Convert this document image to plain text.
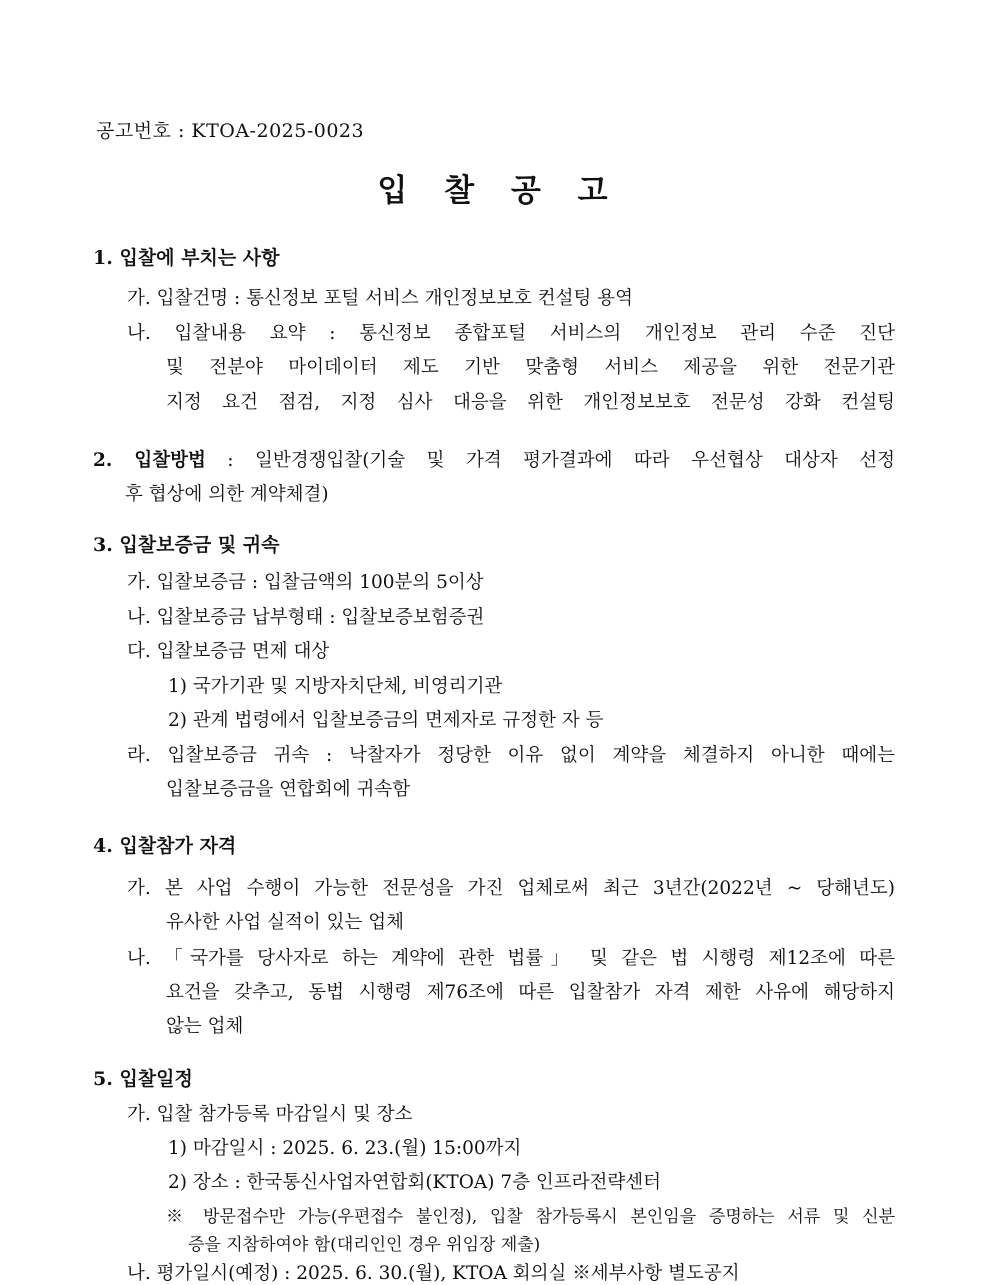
공고번호 : KTOA-2025-0023
입 찰 공 고
1. 입찰에 부치는 사항
가. 입찰건명 : 통신정보 포털 서비스 개인정보보호 컨설팅 용역
나. 입찰내용 요약 : 통신정보 종합포털 서비스의 개인정보 관리 수준 진단
및 전분야 마이데이터 제도 기반 맞춤형 서비스 제공을 위한 전문기관
지정 요건 점검, 지정 심사 대응을 위한 개인정보보호 전문성 강화 컨설팅
2. 입찰방법 : 일반경쟁입찰(기술 및 가격 평가결과에 따라 우선협상 대상자 선정
후 협상에 의한 계약체결)
3. 입찰보증금 및 귀속
가. 입찰보증금 : 입찰금액의 100분의 5이상
나. 입찰보증금 납부형태 : 입찰보증보험증권
다. 입찰보증금 면제 대상
1) 국가기관 및 지방자치단체, 비영리기관
2) 관계 법령에서 입찰보증금의 면제자로 규정한 자 등
라. 입찰보증금 귀속 : 낙찰자가 정당한 이유 없이 계약을 체결하지 아니한 때에는
입찰보증금을 연합회에 귀속함
4. 입찰참가 자격
가. 본 사업 수행이 가능한 전문성을 가진 업체로써 최근 3년간(2022년 ~ 당해년도)
유사한 사업 실적이 있는 업체
나. 「국가를 당사자로 하는 계약에 관한 법률」 및 같은 법 시행령 제12조에 따른
요건을 갖추고, 동법 시행령 제76조에 따른 입찰참가 자격 제한 사유에 해당하지
않는 업체
5. 입찰일정
가. 입찰 참가등록 마감일시 및 장소
1) 마감일시 : 2025. 6. 23.(월) 15:00까지
2) 장소 : 한국통신사업자연합회(KTOA) 7층 인프라전략센터
※ 방문접수만 가능(우편접수 불인정), 입찰 참가등록시 본인임을 증명하는 서류 및 신분
증을 지참하여야 함(대리인인 경우 위임장 제출)
나. 평가일시(예정) : 2025. 6. 30.(월), KTOA 회의실 ※세부사항 별도공지
